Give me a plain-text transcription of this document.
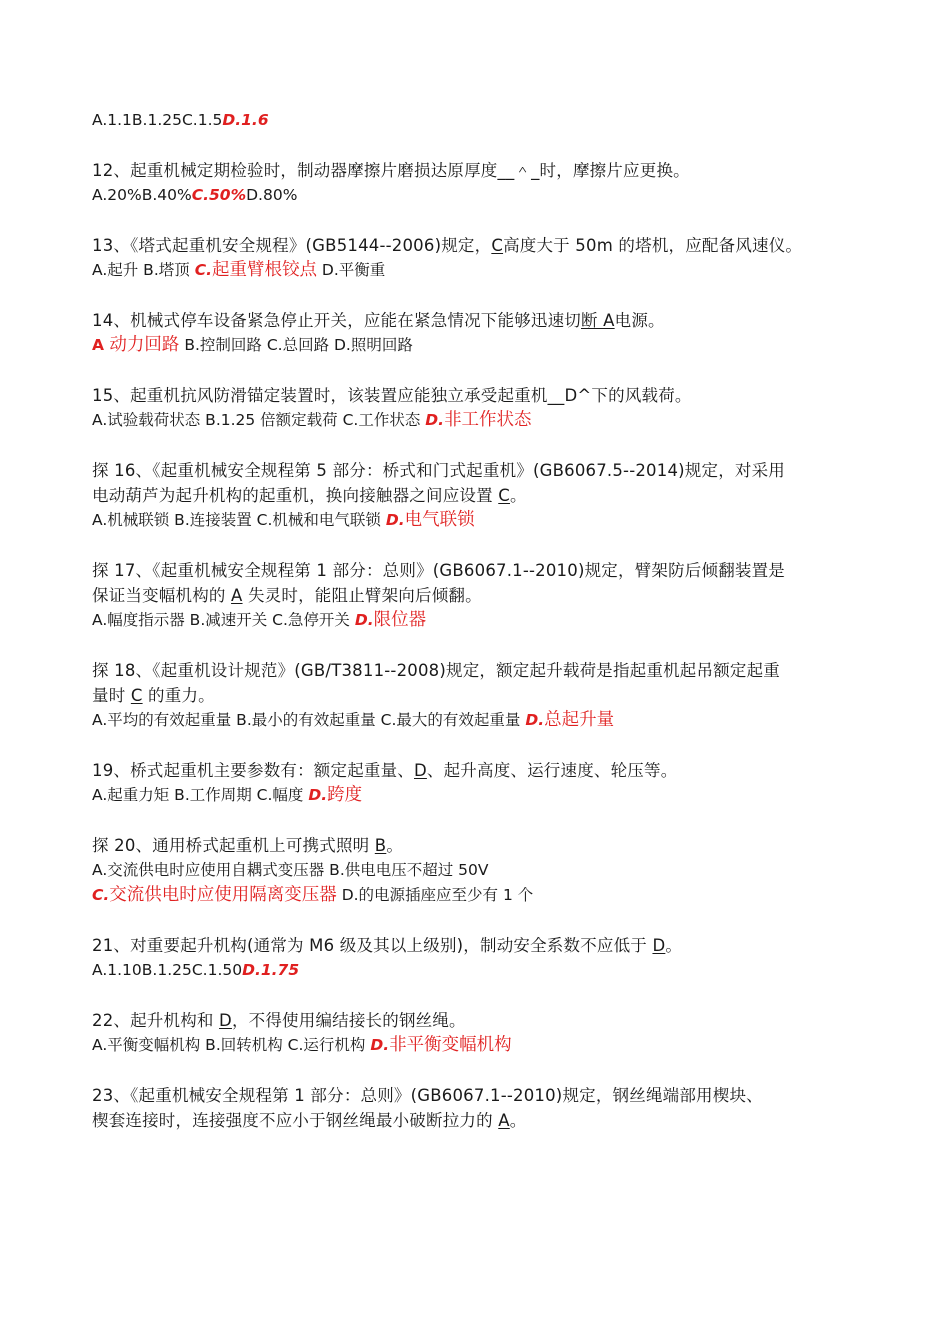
A.1.1B.1.25C.1.5D.1.6
12、起重机械定期检验时，制动器摩擦片磨损达原厚度__＾_时，摩擦片应更换。
A.20%B.40%C.50%D.80%
13、《塔式起重机安全规程》(GB5144--2006)规定，C高度大于 50m 的塔机，应配备风速仪。
A.起升 B.塔顶 C.起重臂根铰点 D.平衡重
14、机械式停车设备紧急停止开关，应能在紧急情况下能够迅速切断 A电源。
A 动力回路 B.控制回路 C.总回路 D.照明回路
15、起重机抗风防滑锚定装置时，该装置应能独立承受起重机__D^下的风载荷。
A.试验载荷状态 B.1.25 倍额定载荷 C.工作状态 D.非工作状态
探 16、《起重机械安全规程第 5 部分：桥式和门式起重机》(GB6067.5--2014)规定，对采用
电动葫芦为起升机构的起重机，换向接触器之间应设置 C。
A.机械联锁 B.连接装置 C.机械和电气联锁 D.电气联锁
探 17、《起重机械安全规程第 1 部分：总则》(GB6067.1--2010)规定，臂架防后倾翻装置是
保证当变幅机构的 A 失灵时，能阻止臂架向后倾翻。
A.幅度指示器 B.减速开关 C.急停开关 D.限位器
探 18、《起重机设计规范》(GB/T3811--2008)规定，额定起升载荷是指起重机起吊额定起重
量时 C 的重力。
A.平均的有效起重量 B.最小的有效起重量 C.最大的有效起重量 D.总起升量
19、桥式起重机主要参数有：额定起重量、D、起升高度、运行速度、轮压等。
A.起重力矩 B.工作周期 C.幅度 D.跨度
探 20、通用桥式起重机上可携式照明 B。
A.交流供电时应使用自耦式变压器 B.供电电压不超过 50V
C.交流供电时应使用隔离变压器 D.的电源插座应至少有 1 个
21、对重要起升机构(通常为 M6 级及其以上级别)，制动安全系数不应低于 D。
A.1.10B.1.25C.1.50D.1.75
22、起升机构和 D，不得使用编结接长的钢丝绳。
A.平衡变幅机构 B.回转机构 C.运行机构 D.非平衡变幅机构
23、《起重机械安全规程第 1 部分：总则》(GB6067.1--2010)规定，钢丝绳端部用楔块、
楔套连接时，连接强度不应小于钢丝绳最小破断拉力的 A。
